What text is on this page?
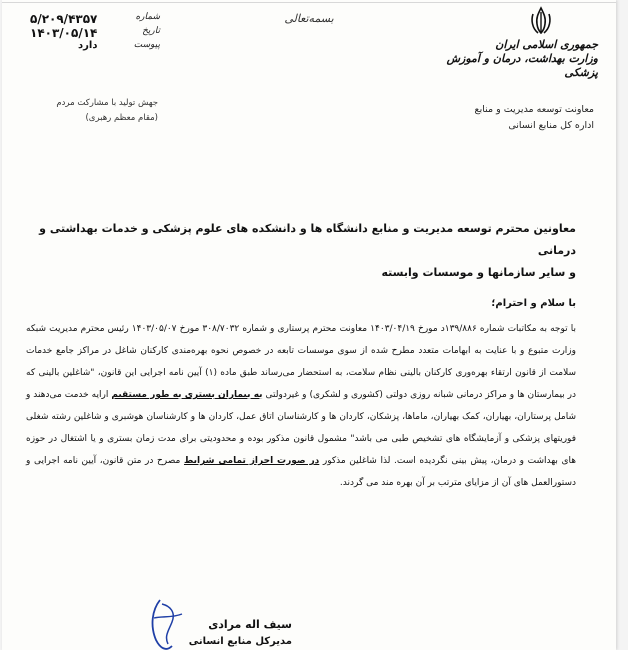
بسمه‌تعالی
جمهوری اسلامی ایران
وزارت بهداشت، درمان و آموزش پزشکی
معاونت توسعه مدیریت و منابع
اداره کل منابع انسانی
۵/۲۰۹/۴۳۵۷	شماره
۱۴۰۳/۰۵/۱۴	تاریخ
دارد	پیوست
جهش تولید با مشارکت مردم
(مقام معظم رهبری)
معاونین محترم توسعه مدیریت و منابع دانشگاه ها و دانشکده های علوم پزشکی و خدمات بهداشتی و درمانی
و سایر سازمانها و موسسات وابسته
با سلام و احترام؛

با توجه به مکاتبات شماره ۱۳۹/۸۸۶د مورخ ۱۴۰۳/۰۴/۱۹ معاونت محترم پرستاری و شماره ۳۰۸/۷۰۳۲ مورخ ۱۴۰۳/۰۵/۰۷ رئیس محترم مدیریت شبکه وزارت متبوع و با عنایت به ابهامات متعدد مطرح شده از سوی موسسات تابعه در خصوص نحوه بهره‌مندی کارکنان شاغل در مراکز جامع خدمات سلامت از قانون ارتقاء بهره‌وری کارکنان بالینی نظام سلامت، به استحضار می‌رساند طبق ماده (۱) آیین نامه اجرایی این قانون، "شاغلین بالینی که در بیمارستان ها و مراکز درمانی شبانه روزی دولتی (کشوری و لشکری) و غیردولتی به بیماران بستری به طور مستقیم ارایه خدمت می‌دهند و شامل پرستاران، بهیاران، کمک بهیاران، ماماها، پزشکان، کاردان ها و کارشناسان اتاق عمل، کاردان ها و کارشناسان هوشبری و شاغلین رشته شغلی فوریتهای پزشکی و آزمایشگاه های تشخیص طبی می باشد" مشمول قانون مذکور بوده و محدودیتی برای مدت زمان بستری و یا اشتغال در حوزه های بهداشت و درمان، پیش بینی نگردیده است. لذا شاغلین مذکور در صورت احراز تمامی شرایط مصرح در متن قانون، آیین نامه اجرایی و دستورالعمل های آن از مزایای مترتب بر آن بهره مند می گردند.

سیف اله مرادی
مدیرکل منابع انسانی
